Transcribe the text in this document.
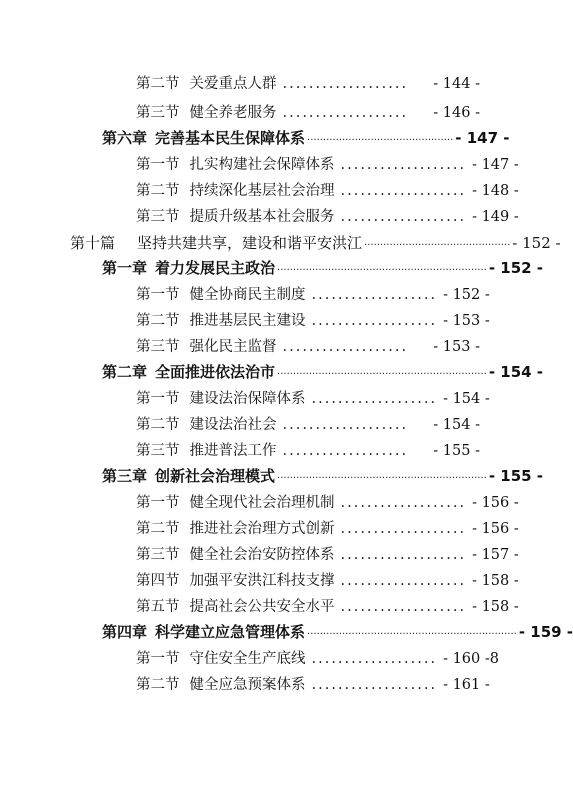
第二节 关爱重点人群 ...................	- 144 -
第三节 健全养老服务 ...................	- 146 -
第六章 完善基本民生保障体系 .............................................. - 147 -
第一节 扎实构建社会保障体系 ................... - 147 -
第二节 持续深化基层社会治理 ................... - 148 -
第三节 提质升级基本社会服务 ................... - 149 -
第十篇 坚持共建共享，建设和谐平安洪江 .............................................. - 152 -
第一章 着力发展民主政治 .................................................................. - 152 -
第一节 健全协商民主制度 ................... - 152 -
第二节 推进基层民主建设 ................... - 153 -
第三节 强化民主监督 ...................	- 153 -
第二章 全面推进依法治市 .................................................................. - 154 -
第一节 建设法治保障体系 ................... - 154 -
第二节 建设法治社会 ...................	- 154 -
第三节 推进普法工作 ...................	- 155 -
第三章 创新社会治理模式 .................................................................. - 155 -
第一节 健全现代社会治理机制 ................... - 156 -
第二节 推进社会治理方式创新 ................... - 156 -
第三节 健全社会治安防控体系 ................... - 157 -
第四节 加强平安洪江科技支撑 ................... - 158 -
第五节 提高社会公共安全水平 ................... - 158 -
第四章 科学建立应急管理体系 .................................................................. - 159 -
第一节 守住安全生产底线 ................... - 160 -8
第二节 健全应急预案体系 ................... - 161 -
